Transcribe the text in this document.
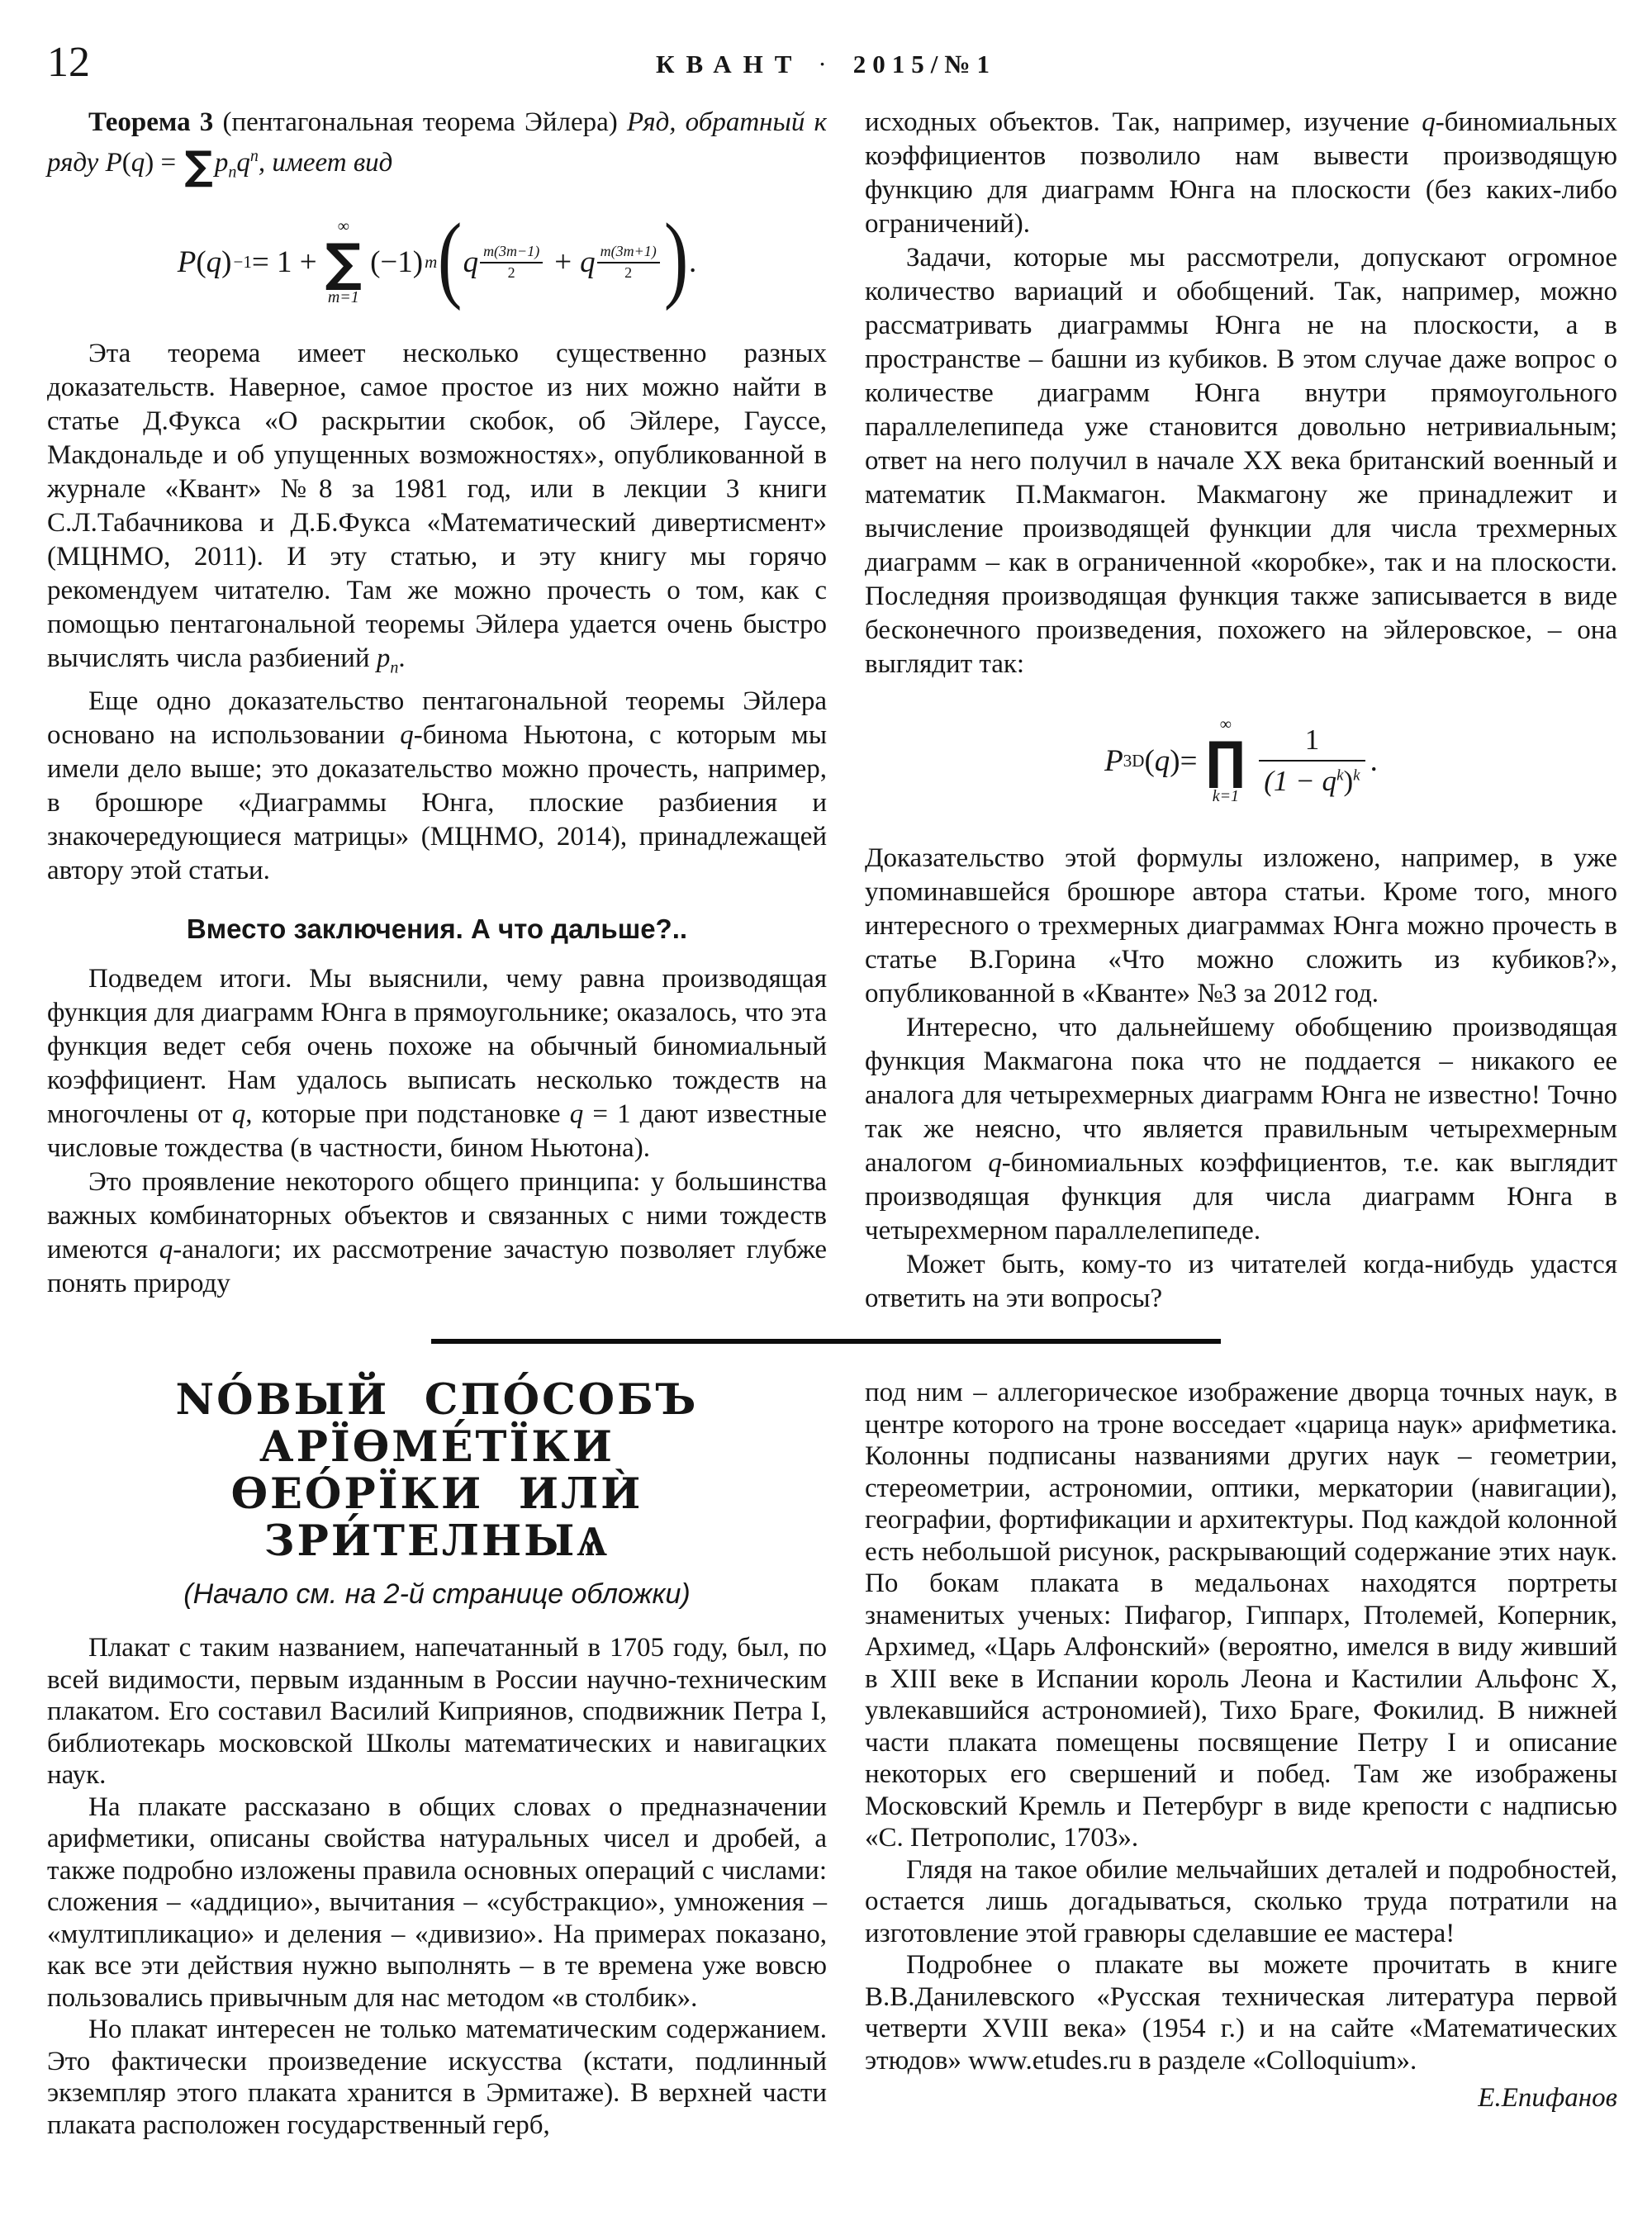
12	КВАНТ · 2015/№1

Теорема 3 (пентагональная теорема Эйлера) Ряд, обратный к ряду $P(q) = \sum p_nq^n$, имеет вид

P ( q ) −1 = 1 +
∞
∑
m=1
(−1) m ( q $\frac{m(3m-1)}{2} + q \frac{m(3m+1)}{2}$ ) .

Эта теорема имеет несколько существенно разных доказательств. Наверное, самое простое из них можно найти в статье Д.Фукса «О раскрытии скобок, об Эйлере, Гауссе, Макдональде и об упущенных возможностях», опубликованной в журнале «Квант» №8 за 1981 год, или в лекции 3 книги С.Л.Табачникова и Д.Б.Фукса «Математический дивертисмент» (МЦНМО, 2011). И эту статью, и эту книгу мы горячо рекомендуем читателю. Там же можно прочесть о том, как с помощью пентагональной теоремы Эйлера удается очень быстро вычислять числа разбиений $p_n$.

Еще одно доказательство пентагональной теоремы Эйлера основано на использовании q-бинома Ньютона, с которым мы имели дело выше; это доказательство можно прочесть, например, в брошюре «Диаграммы Юнга, плоские разбиения и знакочередующиеся матрицы» (МЦНМО, 2014), принадлежащей автору этой статьи.

Вместо заключения. А что дальше?..

Подведем итоги. Мы выяснили, чему равна производящая функция для диаграмм Юнга в прямоугольнике; оказалось, что эта функция ведет себя очень похоже на обычный биномиальный коэффициент. Нам удалось выписать несколько тождеств на многочлены от q, которые при подстановке q = 1 дают известные числовые тождества (в частности, бином Ньютона).

Это проявление некоторого общего принципа: у большинства важных комбинаторных объектов и связанных с ними тождеств имеются q-аналоги; их рассмотрение зачастую позволяет глубже понять природу

исходных объектов. Так, например, изучение q-биномиальных коэффициентов позволило нам вывести производящую функцию для диаграмм Юнга на плоскости (без каких-либо ограничений).

Задачи, которые мы рассмотрели, допускают огромное количество вариаций и обобщений. Так, например, можно рассматривать диаграммы Юнга не на плоскости, а в пространстве – башни из кубиков. В этом случае даже вопрос о количестве диаграмм Юнга внутри прямоугольного параллелепипеда уже становится довольно нетривиальным; ответ на него получил в начале XX века британский военный и математик П.Макмагон. Макмагону же принадлежит и вычисление производящей функции для числа трехмерных диаграмм – как в ограниченной «коробке», так и на плоскости. Последняя производящая функция также записывается в виде бесконечного произведения, похожего на эйлеровское, – она выглядит так:

P 3D ( q ) =
∞
∏
k=1
1
$(1 - q^k)^k$ .

Доказательство этой формулы изложено, например, в уже упоминавшейся брошюре автора статьи. Кроме того, много интересного о трехмерных диаграммах Юнга можно прочесть в статье В.Горина «Что можно сложить из кубиков?», опубликованной в «Кванте» №3 за 2012 год.

Интересно, что дальнейшему обобщению производящая функция Макмагона пока что не поддается – никакого ее аналога для четырехмерных диаграмм Юнга не известно! Точно так же неясно, что является правильным четырехмерным аналогом q-биномиальных коэффициентов, т.е. как выглядит производящая функция для числа диаграмм Юнга в четырехмерном параллелепипеде.

Может быть, кому-то из читателей когда-нибудь удастся ответить на эти вопросы?

NО́ВЫЙ СПО́СОБЪ АРЇѲМЕ́ТЇКИ
ѲЕО́РЇКИ ИЛЍ ЗРИ́ТЕЛНЫѦ
(Начало см. на 2-й странице обложки)

Плакат с таким названием, напечатанный в 1705 году, был, по всей видимости, первым изданным в России научно-техническим плакатом. Его составил Василий Киприянов, сподвижник Петра I, библиотекарь московской Школы математических и навигацких наук.

На плакате рассказано в общих словах о предназначении арифметики, описаны свойства натуральных чисел и дробей, а также подробно изложены правила основных операций с числами: сложения – «аддицио», вычитания – «субстракцио», умножения – «мултипликацио» и деления – «дивизио». На примерах показано, как все эти действия нужно выполнять – в те времена уже вовсю пользовались привычным для нас методом «в столбик».

Но плакат интересен не только математическим содержанием. Это фактически произведение искусства (кстати, подлинный экземпляр этого плаката хранится в Эрмитаже). В верхней части плаката расположен государственный герб,

под ним – аллегорическое изображение дворца точных наук, в центре которого на троне восседает «царица наук» арифметика. Колонны подписаны названиями других наук – геометрии, стереометрии, астрономии, оптики, меркатории (навигации), географии, фортификации и архитектуры. Под каждой колонной есть небольшой рисунок, раскрывающий содержание этих наук. По бокам плаката в медальонах находятся портреты знаменитых ученых: Пифагор, Гиппарх, Птолемей, Коперник, Архимед, «Царь Алфонский» (вероятно, имелся в виду живший в XIII веке в Испании король Леона и Кастилии Альфонс X, увлекавшийся астрономией), Тихо Браге, Фокилид. В нижней части плаката помещены посвящение Петру I и описание некоторых его свершений и побед. Там же изображены Московский Кремль и Петербург в виде крепости с надписью «С. Петрополис, 1703».

Глядя на такое обилие мельчайших деталей и подробностей, остается лишь догадываться, сколько труда потратили на изготовление этой гравюры сделавшие ее мастера!

Подробнее о плакате вы можете прочитать в книге В.В.Данилевского «Русская техническая литература первой четверти XVIII века» (1954 г.) и на сайте «Математических этюдов» www.etudes.ru в разделе «Colloquium».

Е.Епифанов
